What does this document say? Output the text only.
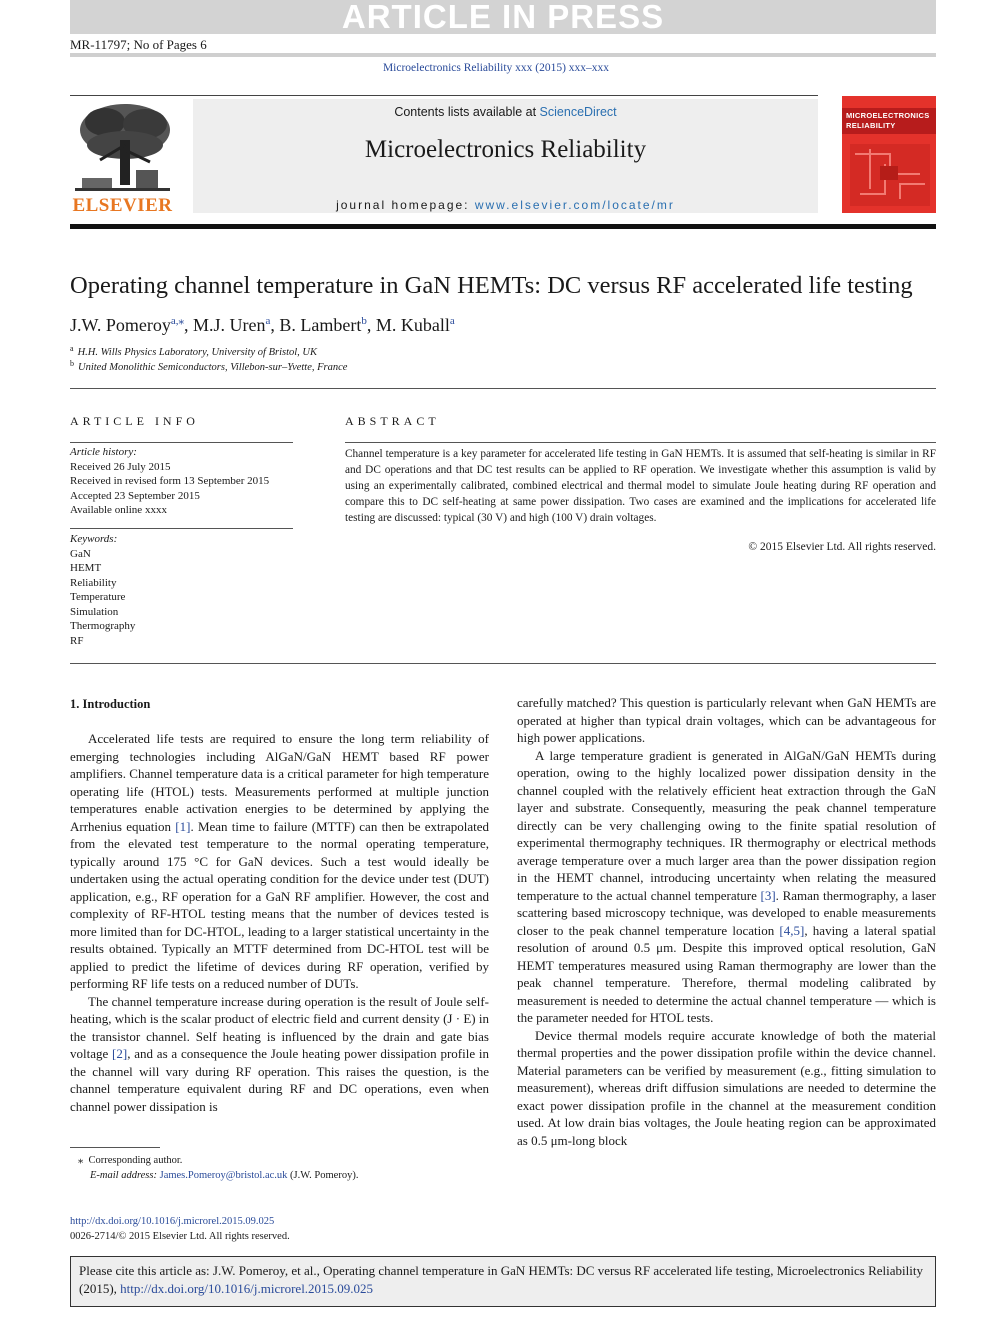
ARTICLE IN PRESS
MR-11797; No of Pages 6
Microelectronics Reliability xxx (2015) xxx–xxx
ELSEVIER
Contents lists available at ScienceDirect
Microelectronics Reliability
journal homepage: www.elsevier.com/locate/mr
MICROELECTRONICS
RELIABILITY
Operating channel temperature in GaN HEMTs: DC versus RF accelerated life testing
J.W. Pomeroy$^{a,⁎}$, M.J. Uren$^a$, B. Lambert$^b$, M. Kuball$^a$
$^a$ H.H. Wills Physics Laboratory, University of Bristol, UK
$^b$ United Monolithic Semiconductors, Villebon-sur–Yvette, France
ARTICLE INFO	ABSTRACT
Article history:
Received 26 July 2015
Received in revised form 13 September 2015
Accepted 23 September 2015
Available online xxxx
Keywords:
GaN
HEMT
Reliability
Temperature
Simulation
Thermography
RF
Channel temperature is a key parameter for accelerated life testing in GaN HEMTs. It is assumed that self-heating is similar in RF and DC operations and that DC test results can be applied to RF operation. We investigate whether this assumption is valid by using an experimentally calibrated, combined electrical and thermal model to simulate Joule heating during RF operation and compare this to DC self-heating at same power dissipation. Two cases are examined and the implications for accelerated life testing are discussed: typical (30 V) and high (100 V) drain voltages.
© 2015 Elsevier Ltd. All rights reserved.
1. Introduction

Accelerated life tests are required to ensure the long term reliability of emerging technologies including AlGaN/GaN HEMT based RF power amplifiers. Channel temperature data is a critical parameter for high temperature operating life (HTOL) tests. Measurements performed at multiple junction temperatures enable activation energies to be determined by applying the Arrhenius equation [1]. Mean time to failure (MTTF) can then be extrapolated from the elevated test temperature to the normal operating temperature, typically around 175 °C for GaN devices. Such a test would ideally be undertaken using the actual operating condition for the device under test (DUT) application, e.g., RF operation for a GaN RF amplifier. However, the cost and complexity of RF-HTOL testing means that the number of devices tested is more limited than for DC-HTOL, leading to a larger statistical uncertainty in the results obtained. Typically an MTTF determined from DC-HTOL test will be applied to predict the lifetime of devices during RF operation, verified by performing RF life tests on a reduced number of DUTs.

The channel temperature increase during operation is the result of Joule self-heating, which is the scalar product of electric field and current density (J · E) in the transistor channel. Self heating is influenced by the drain and gate bias voltage [2], and as a consequence the Joule heating power dissipation profile in the channel will vary during RF operation. This raises the question, is the channel temperature equivalent during RF and DC operations, even when channel power dissipation is

carefully matched? This question is particularly relevant when GaN HEMTs are operated at higher than typical drain voltages, which can be advantageous for high power applications.

A large temperature gradient is generated in AlGaN/GaN HEMTs during operation, owing to the highly localized power dissipation density in the channel coupled with the relatively efficient heat extraction through the GaN layer and substrate. Consequently, measuring the peak channel temperature directly can be very challenging owing to the finite spatial resolution of experimental thermography techniques. IR thermography or electrical methods average temperature over a much larger area than the power dissipation region in the HEMT channel, introducing uncertainty when relating the measured temperature to the actual channel temperature [3]. Raman thermography, a laser scattering based microscopy technique, was developed to enable measurements closer to the peak channel temperature location [4,5], having a lateral spatial resolution of around 0.5 μm. Despite this improved optical resolution, GaN HEMT temperatures measured using Raman thermography are lower than the peak channel temperature. Therefore, thermal modeling calibrated by measurement is needed to determine the actual channel temperature — which is the parameter needed for HTOL tests.

Device thermal models require accurate knowledge of both the material thermal properties and the power dissipation profile within the device channel. Material parameters can be verified by measurement (e.g., fitting simulation to measurement), whereas drift diffusion simulations are needed to determine the exact power dissipation profile in the channel at the measurement condition used. At low drain bias voltages, the Joule heating region can be approximated as 0.5 μm-long block

⁎ Corresponding author.
E-mail address: James.Pomeroy@bristol.ac.uk (J.W. Pomeroy).
http://dx.doi.org/10.1016/j.microrel.2015.09.025
0026-2714/© 2015 Elsevier Ltd. All rights reserved.
Please cite this article as: J.W. Pomeroy, et al., Operating channel temperature in GaN HEMTs: DC versus RF accelerated life testing, Microelectronics Reliability (2015), http://dx.doi.org/10.1016/j.microrel.2015.09.025
